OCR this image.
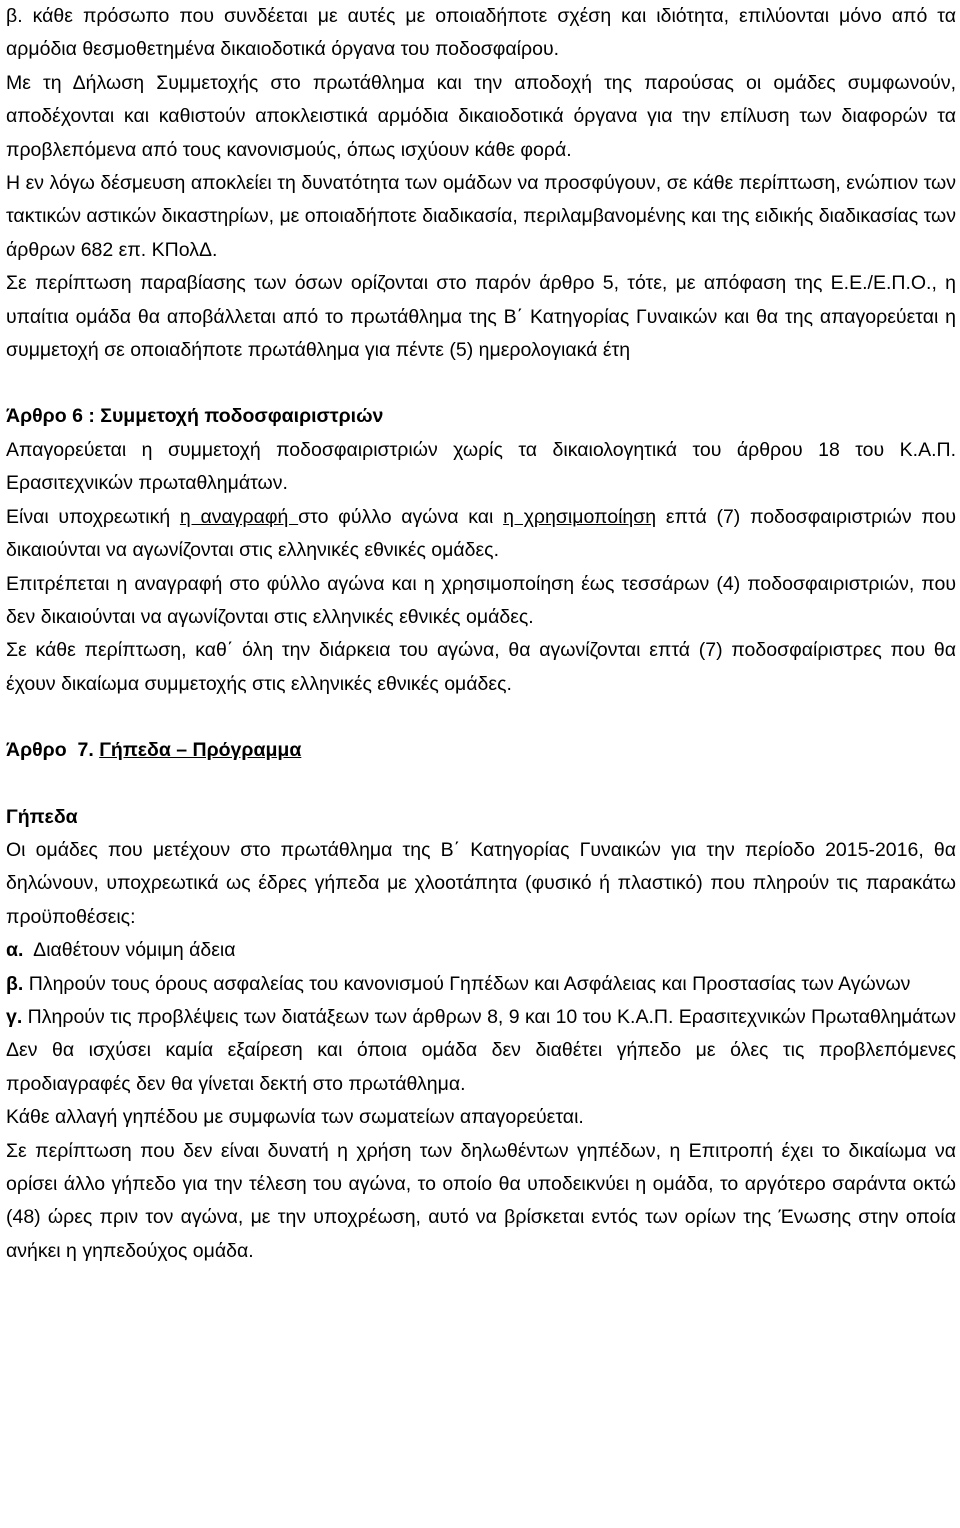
β. κάθε πρόσωπο που συνδέεται με αυτές με οποιαδήποτε σχέση και ιδιότητα, επιλύονται μόνο από τα αρμόδια θεσμοθετημένα δικαιοδοτικά όργανα του ποδοσφαίρου.

Με τη Δήλωση Συμμετοχής στο πρωτάθλημα και την αποδοχή της παρούσας οι ομάδες συμφωνούν, αποδέχονται και καθιστούν αποκλειστικά αρμόδια δικαιοδοτικά όργανα για την επίλυση των διαφορών τα προβλεπόμενα από τους κανονισμούς, όπως ισχύουν κάθε φορά.

Η εν λόγω δέσμευση αποκλείει τη δυνατότητα των ομάδων να προσφύγουν, σε κάθε περίπτωση, ενώπιον των τακτικών αστικών δικαστηρίων, με οποιαδήποτε διαδικασία, περιλαμβανομένης και της ειδικής διαδικασίας των άρθρων 682 επ. ΚΠολΔ.

Σε περίπτωση παραβίασης των όσων ορίζονται στο παρόν άρθρο 5, τότε, με απόφαση της Ε.Ε./Ε.Π.Ο., η υπαίτια ομάδα θα αποβάλλεται από το πρωτάθλημα της Β΄ Κατηγορίας Γυναικών και θα της απαγορεύεται η συμμετοχή σε οποιαδήποτε πρωτάθλημα για πέντε (5) ημερολογιακά έτη

Άρθρο 6 : Συμμετοχή ποδοσφαιριστριών

Απαγορεύεται η συμμετοχή ποδοσφαιριστριών χωρίς τα δικαιολογητικά του άρθρου 18 του Κ.Α.Π. Ερασιτεχνικών πρωταθλημάτων.

Είναι υποχρεωτική η αναγραφή στο φύλλο αγώνα και η χρησιμοποίηση επτά (7) ποδοσφαιριστριών που δικαιούνται να αγωνίζονται στις ελληνικές εθνικές ομάδες.

Επιτρέπεται η αναγραφή στο φύλλο αγώνα και η χρησιμοποίηση έως τεσσάρων (4) ποδοσφαιριστριών, που δεν δικαιούνται να αγωνίζονται στις ελληνικές εθνικές ομάδες.

Σε κάθε περίπτωση, καθ΄ όλη την διάρκεια του αγώνα, θα αγωνίζονται επτά (7) ποδοσφαίριστρες που θα έχουν δικαίωμα συμμετοχής στις ελληνικές εθνικές ομάδες.

Άρθρο  7. Γήπεδα – Πρόγραμμα

Γήπεδα

Οι ομάδες που μετέχουν στο πρωτάθλημα της Β΄ Κατηγορίας Γυναικών για την περίοδο 2015-2016, θα δηλώνουν, υποχρεωτικά ως έδρες γήπεδα με χλοοτάπητα (φυσικό ή πλαστικό) που πληρούν τις παρακάτω προϋποθέσεις:

α.  Διαθέτουν νόμιμη άδεια

β. Πληρούν τους όρους ασφαλείας του κανονισμού Γηπέδων και Ασφάλειας και Προστασίας των Αγώνων

γ. Πληρούν τις προβλέψεις των διατάξεων των άρθρων 8, 9 και 10 του Κ.Α.Π. Ερασιτεχνικών Πρωταθλημάτων

Δεν θα ισχύσει καμία εξαίρεση και όποια ομάδα δεν διαθέτει γήπεδο με όλες τις προβλεπόμενες προδιαγραφές δεν θα γίνεται δεκτή στο πρωτάθλημα.

Κάθε αλλαγή γηπέδου με συμφωνία των σωματείων απαγορεύεται.

Σε περίπτωση που δεν είναι δυνατή η χρήση των δηλωθέντων γηπέδων, η Επιτροπή έχει το δικαίωμα να ορίσει άλλο γήπεδο για την τέλεση του αγώνα, το οποίο θα υποδεικνύει η ομάδα, το αργότερο σαράντα οκτώ (48) ώρες πριν τον αγώνα, με την υποχρέωση, αυτό να βρίσκεται εντός των ορίων της Ένωσης στην οποία ανήκει η γηπεδούχος ομάδα.
